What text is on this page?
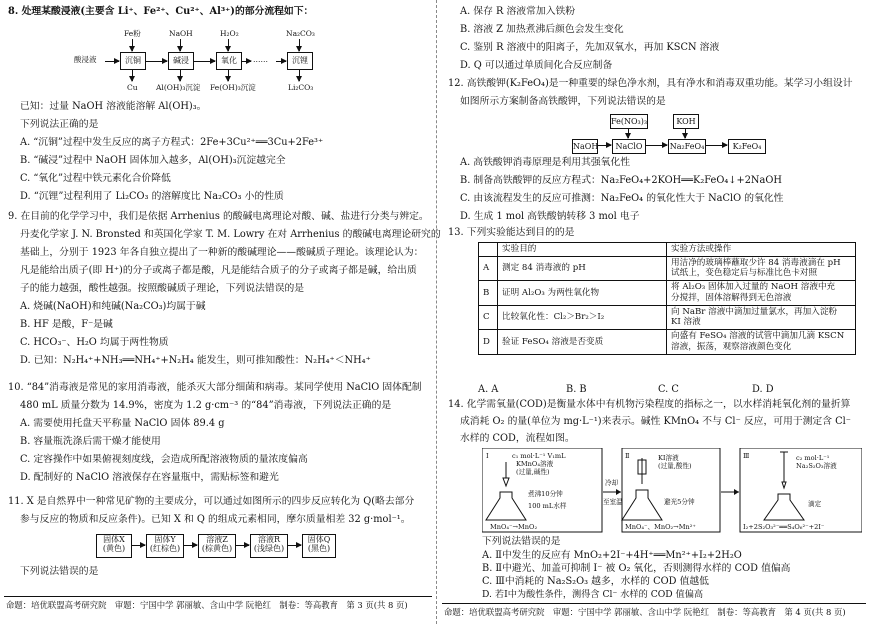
8. 处理某酸浸液(主要含 Li⁺、Fe²⁺、Cu²⁺、Al³⁺)的部分流程如下：
酸浸液	沉铜	碱浸	氧化	……	沉锂
Fe粉	NaOH	H₂O₂	Na₂CO₃
Cu Al(OH)₃沉淀 Fe(OH)₃沉淀	Li₂CO₃
已知：过量 NaOH 溶液能溶解 Al(OH)₃。
下列说法正确的是
A. “沉铜”过程中发生反应的离子方程式：2Fe+3Cu²⁺══3Cu+2Fe³⁺
B. “碱浸”过程中 NaOH 固体加入越多，Al(OH)₃沉淀越完全
C. “氧化”过程中铁元素化合价降低
D. “沉锂”过程利用了 Li₂CO₃ 的溶解度比 Na₂CO₃ 小的性质
9. 在目前的化学学习中，我们是依据 Arrhenius 的酸碱电离理论对酸、碱、盐进行分类与辨定。
丹麦化学家 J. N. Bronsted 和英国化学家 T. M. Lowry 在对 Arrhenius 的酸碱电离理论研究的
基础上，分别于 1923 年各自独立提出了一种新的酸碱理论——酸碱质子理论。该理论认为：
凡是能给出质子(即 H⁺)的分子或离子都是酸，凡是能结合质子的分子或离子都是碱，给出质
子的能力越强，酸性越强。按照酸碱质子理论，下列说法错误的是
A. 烧碱(NaOH)和纯碱(Na₂CO₃)均属于碱
B. HF 是酸，F⁻是碱
C. HCO₃⁻、H₂O 均属于两性物质
D. 已知：N₂H₄⁺+NH₃══NH₄⁺+N₂H₄ 能发生，则可推知酸性：N₂H₄⁺＜NH₄⁺
10. “84”消毒液是常见的家用消毒液，能杀灭大部分细菌和病毒。某同学使用 NaClO 固体配制
480 mL 质量分数为 14.9%，密度为 1.2 g·cm⁻³ 的“84”消毒液，下列说法正确的是
A. 需要使用托盘天平称量 NaClO 固体 89.4 g
B. 容量瓶洗涤后需干燥才能使用
C. 定容操作中如果俯视刻度线，会造成所配溶液物质的量浓度偏高
D. 配制好的 NaClO 溶液保存在容量瓶中，需贴标签和避光
11. X 是自然界中一种常见矿物的主要成分，可以通过如图所示的四步反应转化为 Q(略去部分
参与反应的物质和反应条件)。已知 X 和 Q 的组成元素相同，摩尔质量相差 32 g·mol⁻¹。
固体X
(黄色)
固体Y
(红棕色)
溶液Z
(棕黄色)
溶液R
(浅绿色)
固体Q
(黑色)
下列说法错误的是
命题：培优联盟高考研究院　审题：宁国中学 郭丽敏、含山中学 阮艳红　制卷：等高教育　第 3 页(共 8 页)
A. 保存 R 溶液常加入铁粉
B. 溶液 Z 加热煮沸后颜色会发生变化
C. 鉴别 R 溶液中的阳离子，先加双氧水，再加 KSCN 溶液
D. Q 可以通过单质间化合反应制备
12. 高铁酸钾(K₂FeO₄)是一种重要的绿色净水剂，具有净水和消毒双重功能。某学习小组设计
如图所示方案制备高铁酸钾，下列说法错误的是
Fe(NO₃)₃	KOH
NaOH	NaClO	Na₂FeO₄	K₂FeO₄
A. 高铁酸钾消毒原理是利用其强氧化性
B. 制备高铁酸钾的反应方程式：Na₂FeO₄+2KOH══K₂FeO₄↓+2NaOH
C. 由该流程发生的反应可推测：Na₂FeO₄ 的氧化性大于 NaClO 的氧化性
D. 生成 1 mol 高铁酸钠转移 3 mol 电子
13. 下列实验能达到目的的是
	实验目的	实验方法或操作
A	测定 84 消毒液的 pH	用洁净的玻璃棒蘸取少许 84 消毒液滴在 pH
试纸上，变色稳定后与标准比色卡对照

B	证明 Al₂O₃ 为两性氧化物	将 Al₂O₃ 固体加入过量的 NaOH 溶液中充
分搅拌，固体溶解得到无色溶液

C	比较氧化性：Cl₂＞Br₂＞I₂	向 NaBr 溶液中滴加过量氯水，再加入淀粉
KI 溶液

D	验证 FeSO₄ 溶液是否变质	向盛有 FeSO₄ 溶液的试管中滴加几滴 KSCN
溶液，振荡，观察溶液颜色变化
A. A	B. B	C. C	D. D
14. 化学需氧量(COD)是衡量水体中有机物污染程度的指标之一，以水样消耗氧化剂的量折算
成消耗 O₂ 的量(单位为 mg·L⁻¹)来表示。碱性 KMnO₄ 不与 Cl⁻ 反应，可用于测定含 Cl⁻
水样的 COD，流程如图。
Ⅰ	c₁ mol·L⁻¹ V₁mL
KMnO₄溶液
(过量,碱性)
煮沸10分钟
100 mL水样
MnO₄⁻→MnO₂
冷却
至室温
Ⅱ	KI溶液
(过量,酸性)
避光5分钟
MnO₄⁻、MnO₂→Mn²⁺
Ⅲ	c₂ mol·L⁻¹
Na₂S₂O₃溶液
滴定
I₂+2S₂O₃²⁻══S₄O₆²⁻+2I⁻
下列说法错误的是
A. Ⅱ中发生的反应有 MnO₂+2I⁻+4H⁺══Mn²⁺+I₂+2H₂O
B. Ⅱ中避光、加盖可抑制 I⁻ 被 O₂ 氧化，否则测得水样的 COD 值偏高
C. Ⅲ中消耗的 Na₂S₂O₃ 越多，水样的 COD 值越低
D. 若Ⅰ中为酸性条件，测得含 Cl⁻ 水样的 COD 值偏高
命题：培优联盟高考研究院　审题：宁国中学 郭丽敏、含山中学 阮艳红　制卷：等高教育　第 4 页(共 8 页)
